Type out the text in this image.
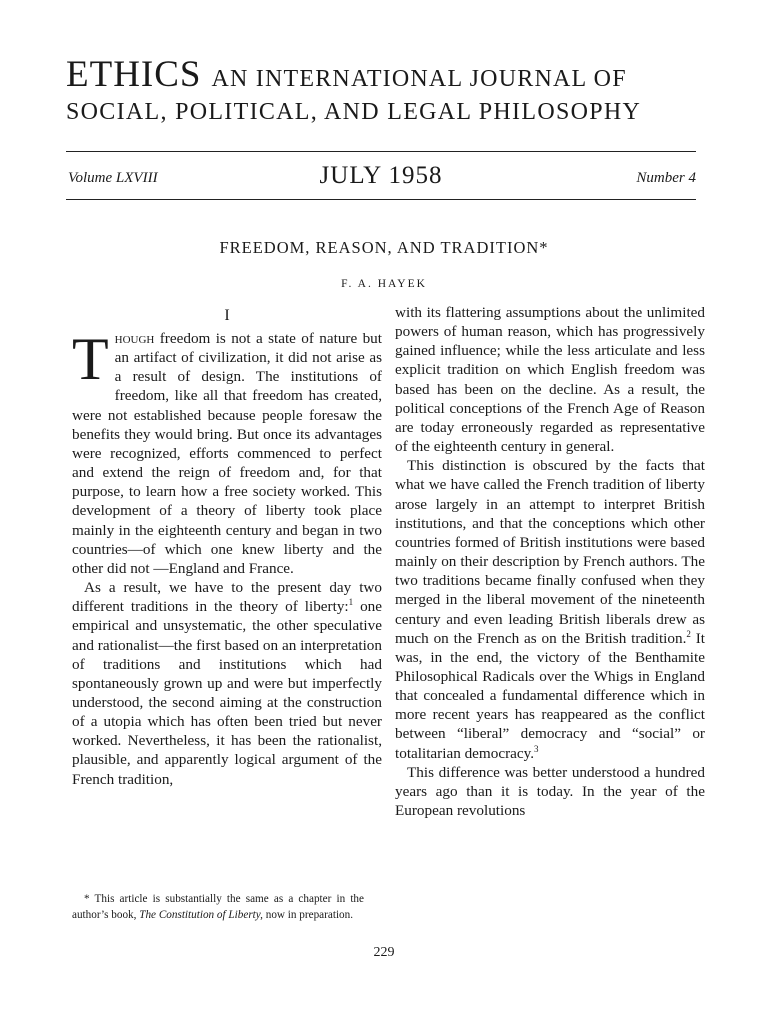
ETHICS AN INTERNATIONAL JOURNAL OF
SOCIAL, POLITICAL, AND LEGAL PHILOSOPHY
Volume LXVIII	JULY 1958	Number 4
FREEDOM, REASON, AND TRADITION*
F. A. HAYEK
I

Though freedom is not a state of nature but an artifact of civilization, it did not arise as a result of design. The institutions of freedom, like all that freedom has created, were not established because people foresaw the benefits they would bring. But once its advantages were recognized, efforts commenced to perfect and extend the reign of freedom and, for that purpose, to learn how a free society worked. This development of a theory of liberty took place mainly in the eighteenth century and began in two countries—of which one knew liberty and the other did not —England and France.

As a result, we have to the present day two different traditions in the theory of liberty:$^1$ one empirical and unsystematic, the other speculative and rationalist—the first based on an interpretation of traditions and institutions which had spontaneously grown up and were but imperfectly understood, the second aiming at the construction of a utopia which has often been tried but never worked. Nevertheless, it has been the rationalist, plausible, and apparently logical argument of the French tradition,

* This article is substantially the same as a chapter in the author’s book, The Constitution of Liberty, now in preparation.

with its flattering assumptions about the unlimited powers of human reason, which has progressively gained influence; while the less articulate and less explicit tradition on which English freedom was based has been on the decline. As a result, the political conceptions of the French Age of Reason are today erroneously regarded as representative of the eighteenth century in general.

This distinction is obscured by the facts that what we have called the French tradition of liberty arose largely in an attempt to interpret British institutions, and that the conceptions which other countries formed of British institutions were based mainly on their description by French authors. The two traditions became finally confused when they merged in the liberal movement of the nineteenth century and even leading British liberals drew as much on the French as on the British tradition.$^2$ It was, in the end, the victory of the Benthamite Philosophical Radicals over the Whigs in England that concealed a fundamental difference which in more recent years has reappeared as the conflict between “liberal” democracy and “social” or totalitarian democracy.$^3$

This difference was better understood a hundred years ago than it is today. In the year of the European revolutions

229
